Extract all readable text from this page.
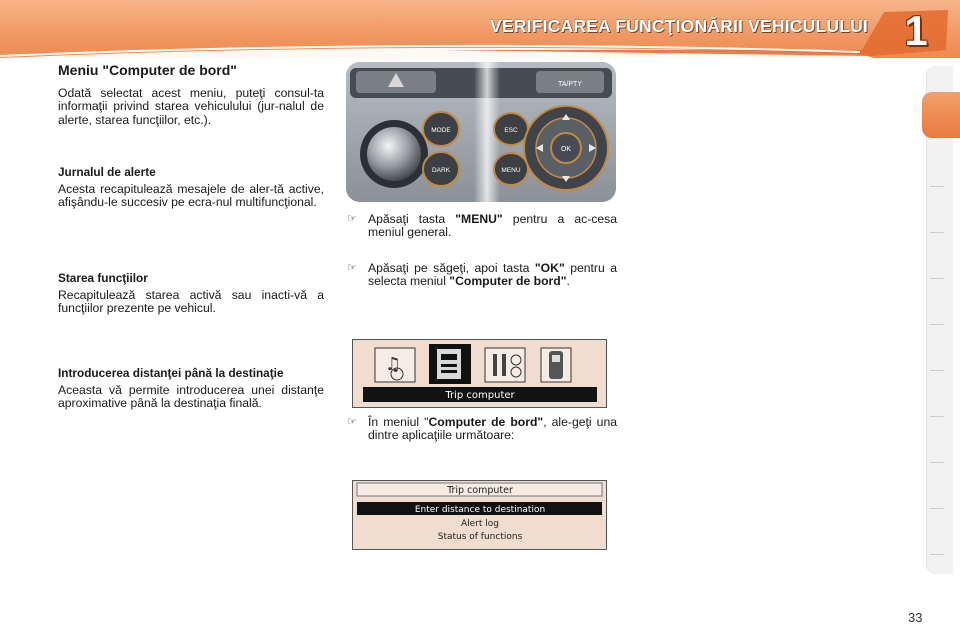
VERIFICAREA FUNCŢIONĂRII VEHICULULUI 1
Meniu "Computer de bord"

Odată selectat acest meniu, puteţi consul-ta informaţii privind starea vehiculului (jur-nalul de alerte, starea funcţiilor, etc.).

Jurnalul de alerte

Acesta recapitulează mesajele de aler-tă active, afişându-le succesiv pe ecra-nul multifuncţional.

Starea funcţiilor

Recapitulează starea activă sau inacti-vă a funcţiilor prezente pe vehicul.

Introducerea distanţei până la destinaţie

Aceasta vă permite introducerea unei distanţe aproximative până la destinaţia finală.

TA/PTY
MODE
DARK
ESC
MENU
OK
☞ Apăsaţi tasta "MENU" pentru a ac-cesa meniul general.
☞ Apăsaţi pe săgeţi, apoi tasta "OK" pentru a selecta meniul "Computer de bord".
♫
Trip computer
☞ În meniul "Computer de bord", ale-geţi una dintre aplicaţiile următoare:
Trip computer
Enter distance to destination
Alert log
Status of functions
33
